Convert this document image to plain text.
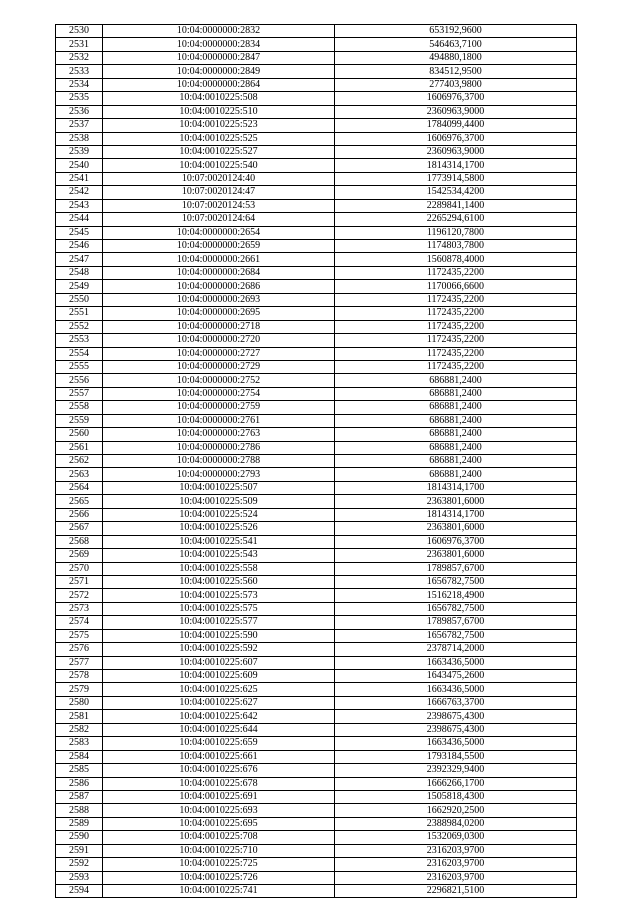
2530	10:04:0000000:2832	653192,9600
2531	10:04:0000000:2834	546463,7100
2532	10:04:0000000:2847	494880,1800
2533	10:04:0000000:2849	834512,9500
2534	10:04:0000000:2864	277403,9800
2535	10:04:0010225:508	1606976,3700
2536	10:04:0010225:510	2360963,9000
2537	10:04:0010225:523	1784099,4400
2538	10:04:0010225:525	1606976,3700
2539	10:04:0010225:527	2360963,9000
2540	10:04:0010225:540	1814314,1700
2541	10:07:0020124:40	1773914,5800
2542	10:07:0020124:47	1542534,4200
2543	10:07:0020124:53	2289841,1400
2544	10:07:0020124:64	2265294,6100
2545	10:04:0000000:2654	1196120,7800
2546	10:04:0000000:2659	1174803,7800
2547	10:04:0000000:2661	1560878,4000
2548	10:04:0000000:2684	1172435,2200
2549	10:04:0000000:2686	1170066,6600
2550	10:04:0000000:2693	1172435,2200
2551	10:04:0000000:2695	1172435,2200
2552	10:04:0000000:2718	1172435,2200
2553	10:04:0000000:2720	1172435,2200
2554	10:04:0000000:2727	1172435,2200
2555	10:04:0000000:2729	1172435,2200
2556	10:04:0000000:2752	686881,2400
2557	10:04:0000000:2754	686881,2400
2558	10:04:0000000:2759	686881,2400
2559	10:04:0000000:2761	686881,2400
2560	10:04:0000000:2763	686881,2400
2561	10:04:0000000:2786	686881,2400
2562	10:04:0000000:2788	686881,2400
2563	10:04:0000000:2793	686881,2400
2564	10:04:0010225:507	1814314,1700
2565	10:04:0010225:509	2363801,6000
2566	10:04:0010225:524	1814314,1700
2567	10:04:0010225:526	2363801,6000
2568	10:04:0010225:541	1606976,3700
2569	10:04:0010225:543	2363801,6000
2570	10:04:0010225:558	1789857,6700
2571	10:04:0010225:560	1656782,7500
2572	10:04:0010225:573	1516218,4900
2573	10:04:0010225:575	1656782,7500
2574	10:04:0010225:577	1789857,6700
2575	10:04:0010225:590	1656782,7500
2576	10:04:0010225:592	2378714,2000
2577	10:04:0010225:607	1663436,5000
2578	10:04:0010225:609	1643475,2600
2579	10:04:0010225:625	1663436,5000
2580	10:04:0010225:627	1666763,3700
2581	10:04:0010225:642	2398675,4300
2582	10:04:0010225:644	2398675,4300
2583	10:04:0010225:659	1663436,5000
2584	10:04:0010225:661	1793184,5500
2585	10:04:0010225:676	2392329,9400
2586	10:04:0010225:678	1666266,1700
2587	10:04:0010225:691	1505818,4300
2588	10:04:0010225:693	1662920,2500
2589	10:04:0010225:695	2388984,0200
2590	10:04:0010225:708	1532069,0300
2591	10:04:0010225:710	2316203,9700
2592	10:04:0010225:725	2316203,9700
2593	10:04:0010225:726	2316203,9700
2594	10:04:0010225:741	2296821,5100
